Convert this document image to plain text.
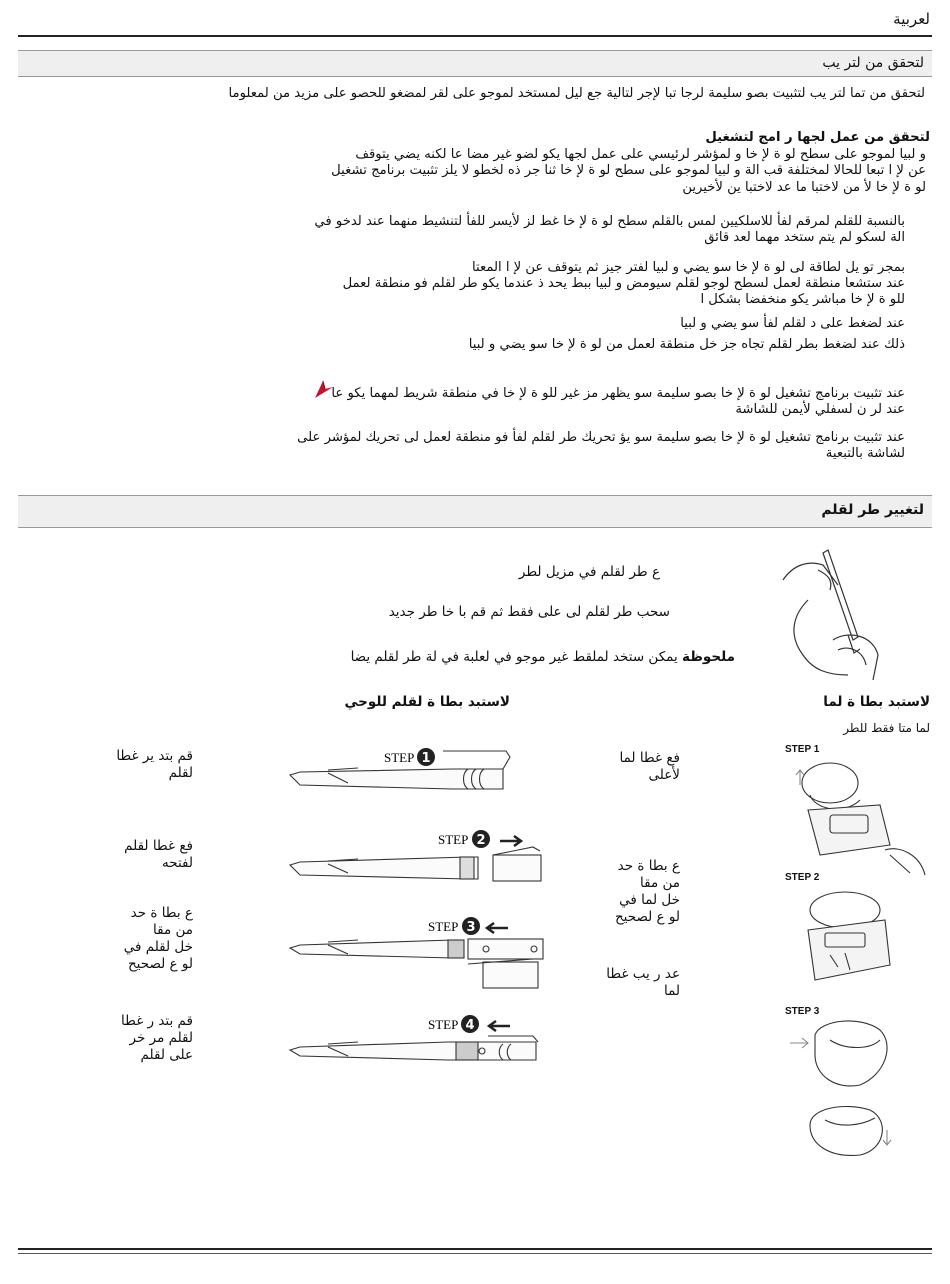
لعربية
لتحقق من لتر يب
لتحقق من تما لتر يب لتثبيت بصو سليمة لرجا تبا لإجر لتالية جع ليل لمستخد لموجو على لقر لمضغو للحصو على مزيد من لمعلوما
لتحقق من عمل لجها ر امج لتشغيل
و لبيا لموجو على سطح لو ة لإ خا و لمؤشر لرئيسي على عمل لجها يكو لضو غير مضا عا لكنه يضي يتوقف
عن لإ ا تبعا للحالا لمختلفة قب الة و لبيا لموجو على سطح لو ة لإ خا ثنا جر ذه لخطو لا يلز تثبيت برنامج تشغيل
لو ة لإ خا لأ من لاختبا ما عد لاختبا ين لأخيرين
بالنسبة للقلم لمرقم لفأ للاسلكيين لمس بالقلم سطح لو ة لإ خا غط لز لأيسر للفأ لتنشيط منهما عند لدخو في
الة لسكو لم يتم ستخد مهما لعد قائق
بمجر تو يل لطاقة لى لو ة لإ خا سو يضي و لبيا لفتر جيز ثم يتوقف عن لإ ا المعتا
عند ستشعا منطقة لعمل لسطح لوجو لقلم سيومض و لبيا ببط يحد ذ عندما يكو طر لقلم فو منطقة لعمل
للو ة لإ خا مباشر يكو منخفضا بشكل ا
عند لضغط على د لقلم لفأ سو يضي و لبيا
ذلك عند لضغط بطر لقلم تجاه جز خل منطقة لعمل من لو ة لإ خا سو يضي و لبيا
عند تثبيت برنامج تشغيل لو ة لإ خا بصو سليمة سو يظهر مز غير للو ة لإ خا في منطقة شريط لمهما يكو عا
عند لر ن لسفلي لأيمن للشاشة
عند تثبيت برنامج تشغيل لو ة لإ خا بصو سليمة سو يؤ تحريك طر لقلم لفأ فو منطقة لعمل لى تحريك لمؤشر على
لشاشة بالتبعية
لتغيير طر لقلم
ع طر لقلم في مزيل لطر
سحب طر لقلم لى على فقط ثم قم با خا طر جديد
ملحوظة يمكن ستخد لملقط غير موجو في لعلبة في لة طر لقلم يضا
لاستبد بطا ة لما
لما متا فقط للطر
STEP 1
STEP 2
STEP 3
لاستبد بطا ة لقلم للوحي
قم بتد ير غطا
لقلم
فع غطا لقلم
لفتحه
ع بطا ة حد
من مقا
خل لقلم في
لو ع لصحيح
قم بتد ر غطا
لقلم مر خر
على لقلم
فع غطا لما
لأعلى
ع بطا ة حد
من مقا
خل لما في
لو ع لصحيح
عد ر يب غطا
لما
STEP 1
STEP 2
STEP 3
STEP 4
